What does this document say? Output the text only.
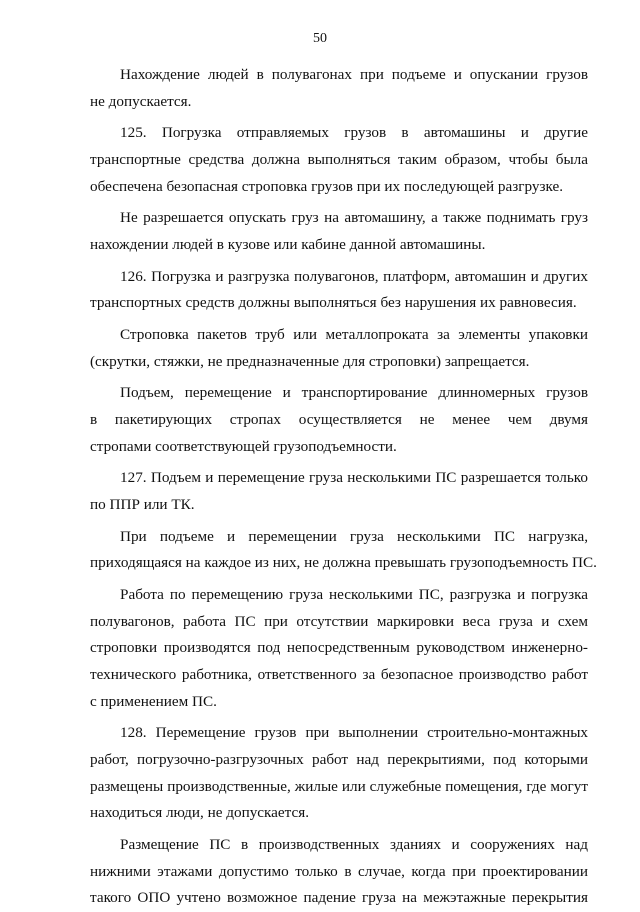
50
Нахождение людей в полувагонах при подъеме и опускании грузов
не допускается.
125. Погрузка отправляемых грузов в автомашины и другие
транспортные средства должна выполняться таким образом, чтобы была
обеспечена безопасная строповка грузов при их последующей разгрузке.
Не разрешается опускать груз на автомашину, а также поднимать груз
нахождении людей в кузове или кабине данной автомашины.
126. Погрузка и разгрузка полувагонов, платформ, автомашин и других
транспортных средств должны выполняться без нарушения их равновесия.
Строповка пакетов труб или металлопроката за элементы упаковки
(скрутки, стяжки, не предназначенные для строповки) запрещается.
Подъем, перемещение и транспортирование длинномерных грузов
в пакетирующих стропах осуществляется не менее чем двумя
стропами соответствующей грузоподъемности.
127. Подъем и перемещение груза несколькими ПС разрешается только
по ППР или ТК.
При подъеме и перемещении груза несколькими ПС нагрузка,
приходящаяся на каждое из них, не должна превышать грузоподъемность ПС.
Работа по перемещению груза несколькими ПС, разгрузка и погрузка
полувагонов, работа ПС при отсутствии маркировки веса груза и схем
строповки производятся под непосредственным руководством инженерно-
технического работника, ответственного за безопасное производство работ
с применением ПС.
128. Перемещение грузов при выполнении строительно-монтажных
работ, погрузочно-разгрузочных работ над перекрытиями, под которыми
размещены производственные, жилые или служебные помещения, где могут
находиться люди, не допускается.
Размещение ПС в производственных зданиях и сооружениях над
нижними этажами допустимо только в случае, когда при проектировании
такого ОПО учтено возможное падение груза на межэтажные перекрытия
